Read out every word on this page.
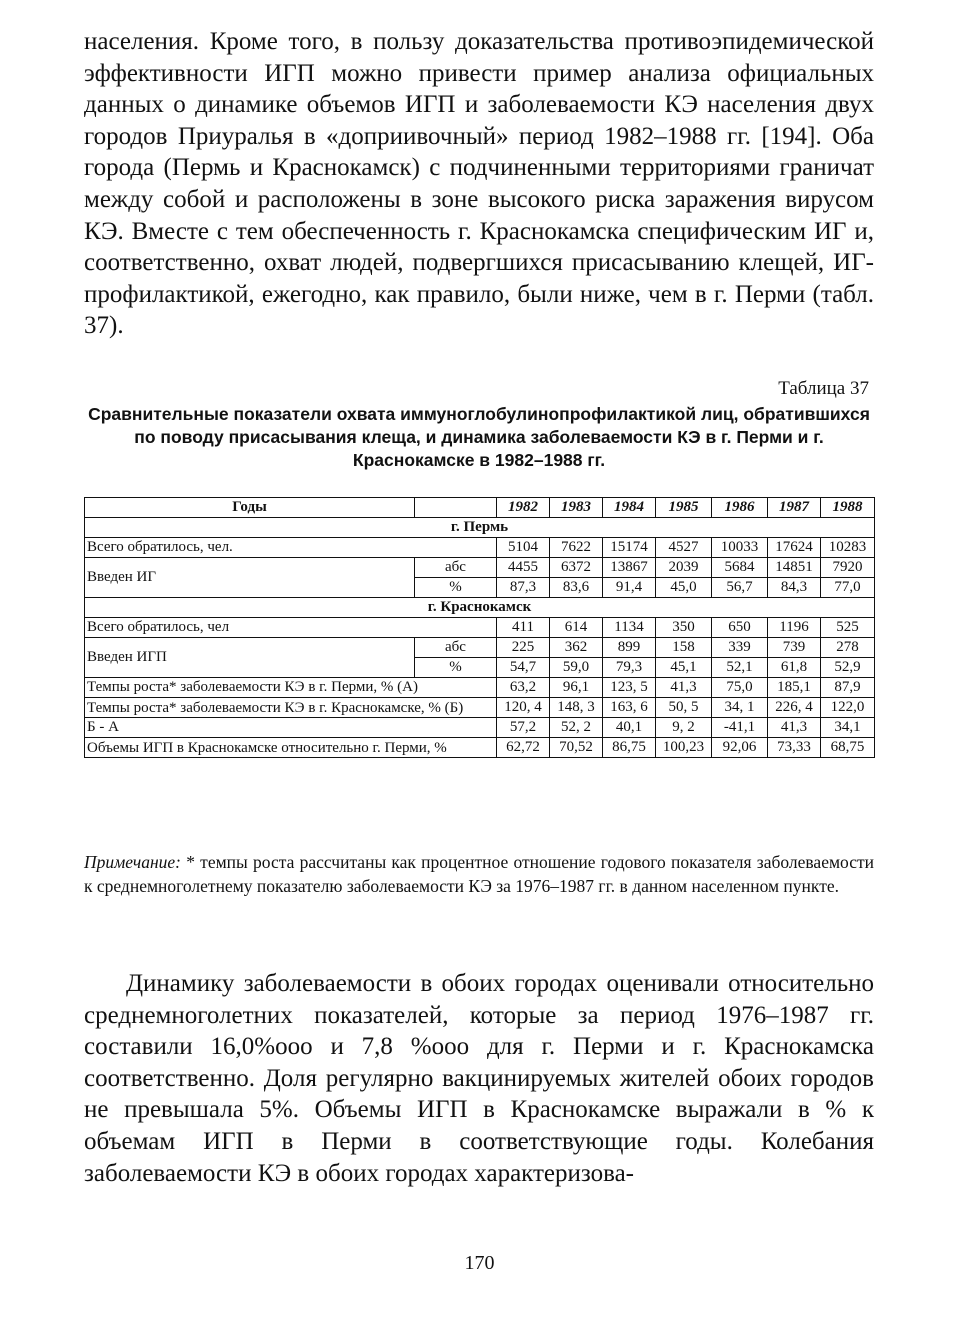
населения. Кроме того, в пользу доказательства противоэпидемической эффективности ИГП можно привести пример анализа официальных данных о динамике объемов ИГП и заболеваемости КЭ населения двух городов Приуралья в «доприивочный» период 1982–1988 гг. [194]. Оба города (Пермь и Краснокамск) с подчиненными территориями граничат между собой и расположены в зоне высокого риска заражения вирусом КЭ. Вместе с тем обеспеченность г. Краснокамска специфическим ИГ и, соответственно, охват людей, подвергшихся присасыванию клещей, ИГ-профилактикой, ежегодно, как правило, были ниже, чем в г. Перми (табл. 37).

Таблица 37
Сравнительные показатели охвата иммуноглобулинопрофилактикой лиц, обратившихся по поводу присасывания клеща, и динамика заболеваемости КЭ в г. Перми и г. Краснокамске в 1982–1988 гг.
Годы		1982	1983	1984	1985	1986	1987	1988
г. Пермь								
Всего обратилось, чел.		5104	7622	15174	4527	10033	17624	10283
Введен ИГ	абс	4455	6372	13867	2039	5684	14851	7920
	%	87,3	83,6	91,4	45,0	56,7	84,3	77,0
г. Краснокамск								
Всего обратилось, чел		411	614	1134	350	650	1196	525
Введен ИГП	абс	225	362	899	158	339	739	278
	%	54,7	59,0	79,3	45,1	52,1	61,8	52,9
Темпы роста* заболеваемости КЭ в г. Перми, % (А)		63,2	96,1	123, 5	41,3	75,0	185,1	87,9
Темпы роста* заболеваемости КЭ в г. Краснокамске, % (Б)		120, 4	148, 3	163, 6	50, 5	34, 1	226, 4	122,0
Б - А		57,2	52, 2	40,1	9, 2	-41,1	41,3	34,1
Объемы ИГП в Краснокамске относительно г. Перми, %		62,72	70,52	86,75	100,23	92,06	73,33	68,75
Примечание: * темпы роста рассчитаны как процентное отношение годового показателя заболеваемости к среднемноголетнему показателю заболеваемости КЭ за 1976–1987 гг. в данном населенном пункте.

Динамику заболеваемости в обоих городах оценивали относительно среднемноголетних показателей, которые за период 1976–1987 гг. составили 16,0%ооо и 7,8 %ооо для г. Перми и г. Краснокамска соответственно. Доля регулярно вакцинируемых жителей обоих городов не превышала 5%. Объемы ИГП в Краснокамске выражали в % к объемам ИГП в Перми в соответствующие годы. Колебания заболеваемости КЭ в обоих городах характеризова-

170
